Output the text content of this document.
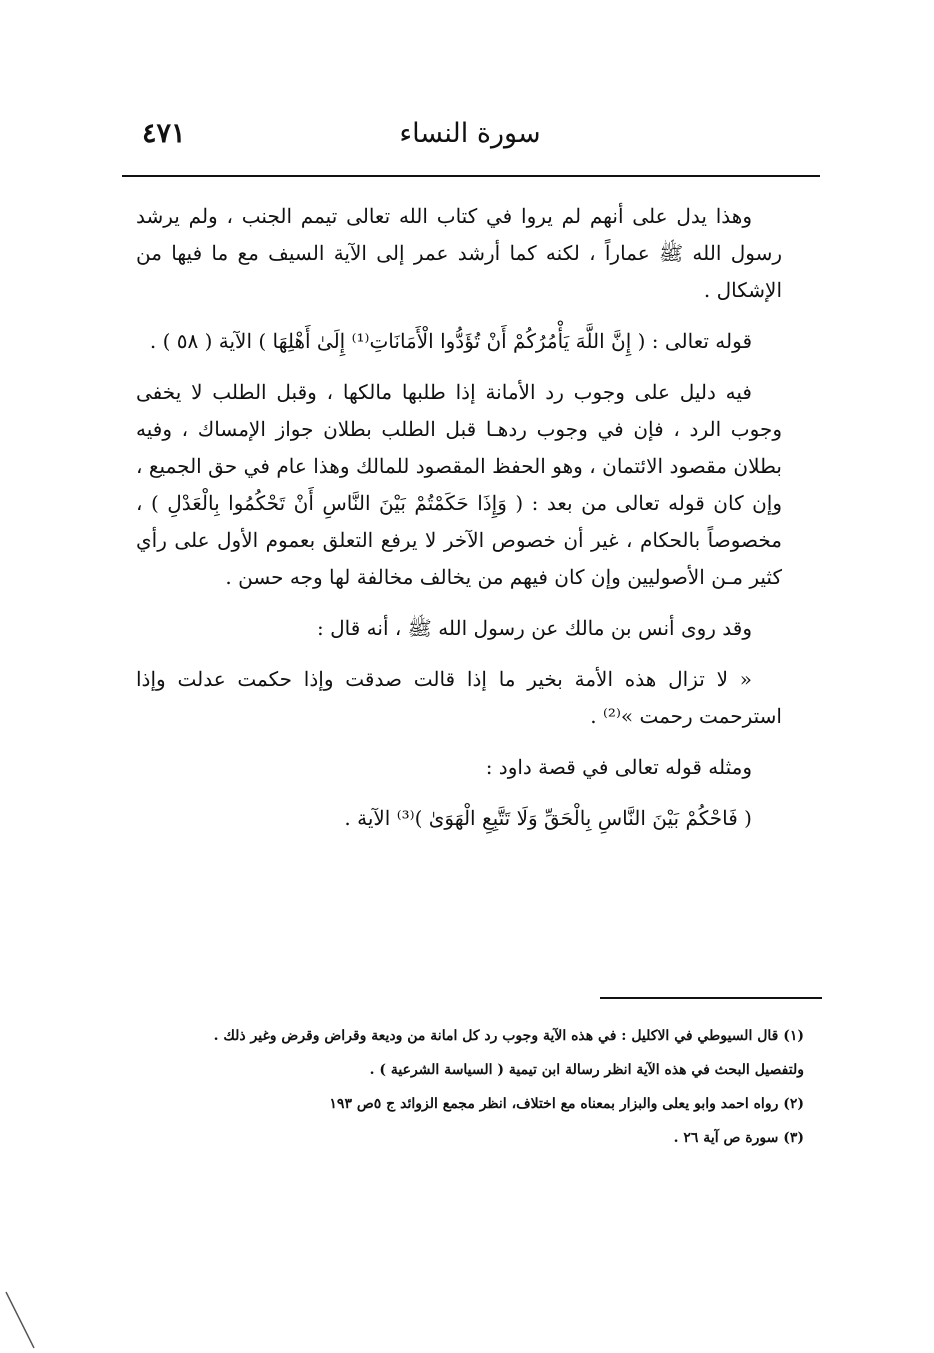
٤٧١	سورة النساء

وهذا يدل على أنهم لم يروا في كتاب الله تعالى تيمم الجنب ، ولم يرشد رسول الله ﷺ عماراً ، لكنه كما أرشد عمر إلى الآية السيف مع ما فيها من الإشكال .

قوله تعالى : ( إِنَّ اللَّهَ يَأْمُرُكُمْ أَنْ تُؤَدُّوا الْأَمَانَاتِ⁽¹⁾ إِلَىٰ أَهْلِهَا ) الآية ( ٥٨ ) .

فيه دليل على وجوب رد الأمانة إذا طلبها مالكها ، وقبل الطلب لا يخفى وجوب الرد ، فإن في وجوب ردهـا قبل الطلب بطلان جواز الإمساك ، وفيه بطلان مقصود الائتمان ، وهو الحفظ المقصود للمالك وهذا عام في حق الجميع ، وإن كان قوله تعالى من بعد : ( وَإِذَا حَكَمْتُمْ بَيْنَ النَّاسِ أَنْ تَحْكُمُوا بِالْعَدْلِ ) ، مخصوصاً بالحكام ، غير أن خصوص الآخر لا يرفع التعلق بعموم الأول على رأي كثير مـن الأصوليين وإن كان فيهم من يخالف مخالفة لها وجه حسن .

وقد روى أنس بن مالك عن رسول الله ﷺ ، أنه قال :

« لا تزال هذه الأمة بخير ما إذا قالت صدقت وإذا حكمت عدلت وإذا استرحمت رحمت »⁽²⁾ .

ومثله قوله تعالى في قصة داود :

( فَاحْكُمْ بَيْنَ النَّاسِ بِالْحَقِّ وَلَا تَتَّبِعِ الْهَوَىٰ )⁽³⁾ الآية .

(١) قال السيوطي في الاكليل : في هذه الآية وجوب رد كل امانة من وديعة وقراض وقرض وغير ذلك .

ولتفصيل البحث في هذه الآية انظر رسالة ابن تيمية ( السياسة الشرعية ) .

(٢) رواه احمد وابو يعلى والبزار بمعناه مع اختلاف، انظر مجمع الزوائد ج ٥ص ١٩٣

(٣) سورة ص آية ٢٦ .
